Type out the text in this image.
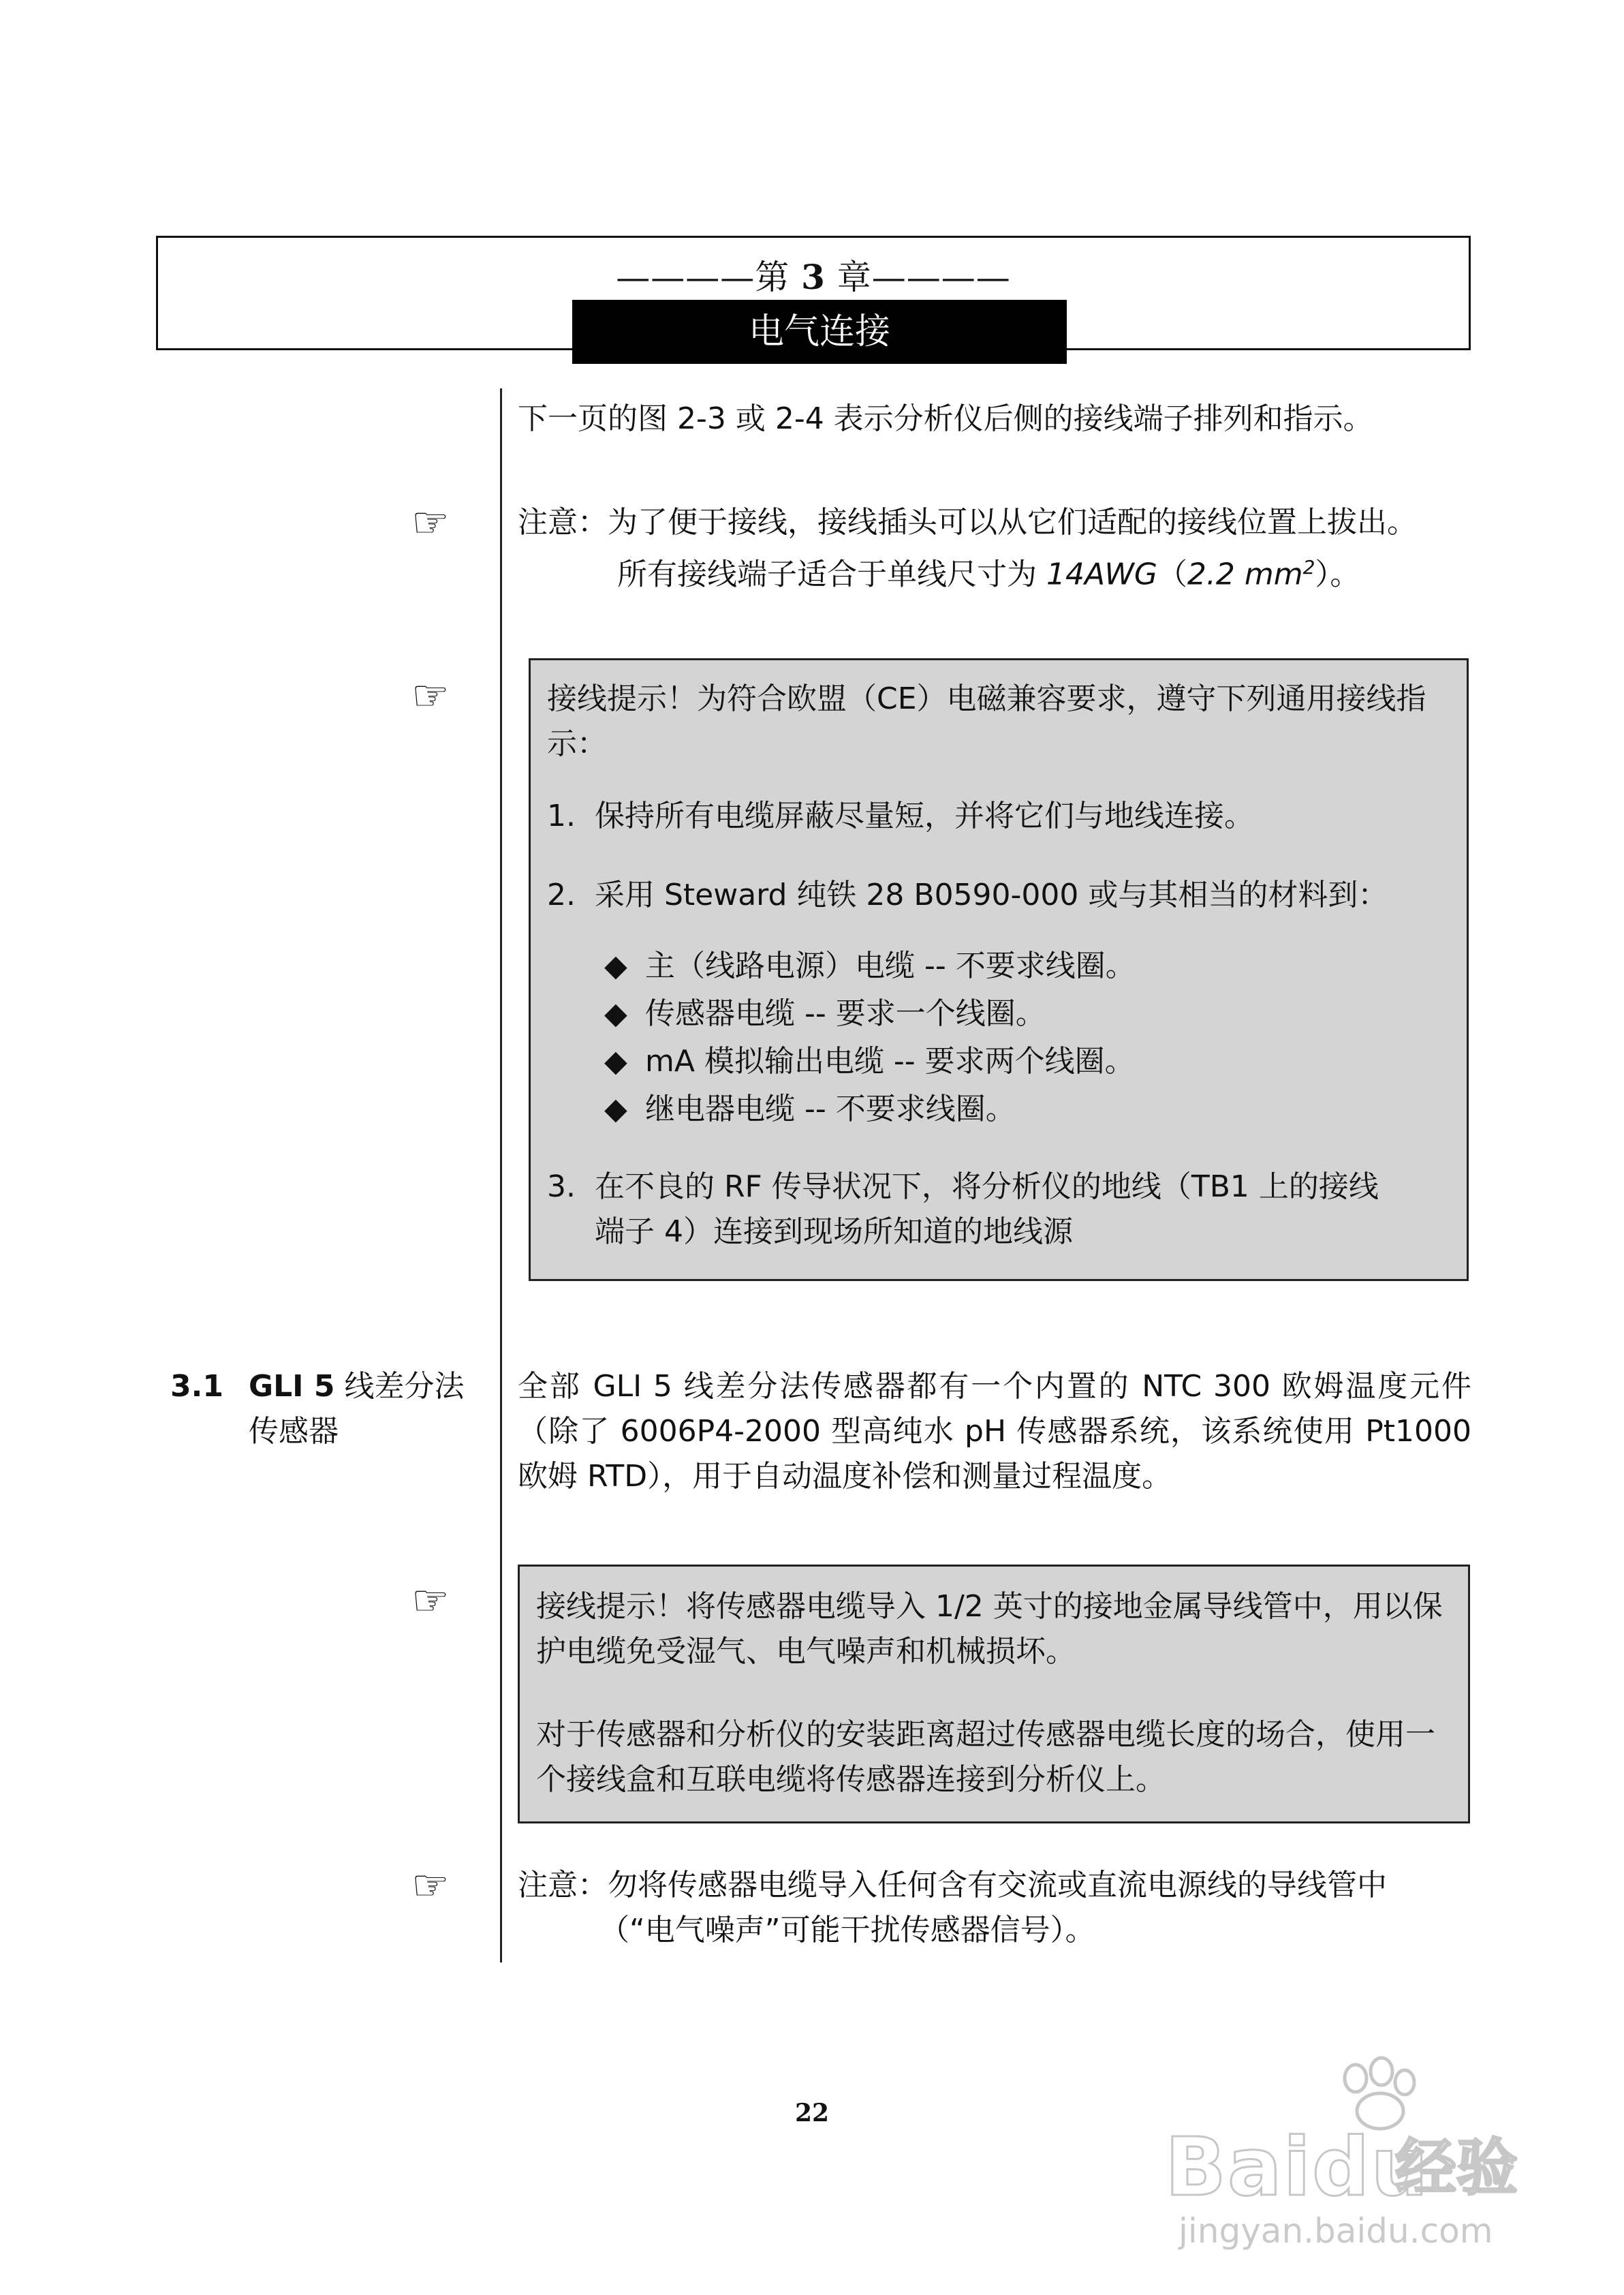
————第 3 章————
电气连接
下一页的图 2-3 或 2-4 表示分析仪后侧的接线端子排列和指示。
☞ 注意：为了便于接线，接线插头可以从它们适配的接线位置上拔出。
所有接线端子适合于单线尺寸为 14AWG（2.2 $mm^2$）。
☞	接线提示！为符合欧盟（CE）电磁兼容要求，遵守下列通用接线指示：
1. 保持所有电缆屏蔽尽量短，并将它们与地线连接。
2. 采用 Steward 纯铁 28 B0590-000 或与其相当的材料到：
◆ 主（线路电源）电缆 -- 不要求线圈。
◆ 传感器电缆 -- 要求一个线圈。
◆ mA 模拟输出电缆 -- 要求两个线圈。
◆ 继电器电缆 -- 不要求线圈。
3. 在不良的 RF 传导状况下，将分析仪的地线（TB1 上的接线
端子 4）连接到现场所知道的地线源
3.1 GLI 5 线差分法传感器
全部 GLI 5 线差分法传感器都有一个内置的 NTC 300 欧姆温度元件（除了 6006P4-2000 型高纯水 pH 传感器系统，该系统使用 Pt1000 欧姆 RTD），用于自动温度补偿和测量过程温度。
☞	接线提示！将传感器电缆导入 1/2 英寸的接地金属导线管中，用以保护电缆免受湿气、电气噪声和机械损坏。
对于传感器和分析仪的安装距离超过传感器电缆长度的场合，使用一个接线盒和互联电缆将传感器连接到分析仪上。
☞ 注意：勿将传感器电缆导入任何含有交流或直流电源线的导线管中
（“电气噪声”可能干扰传感器信号）。
22
Baidu
经验
jingyan.baidu.com
